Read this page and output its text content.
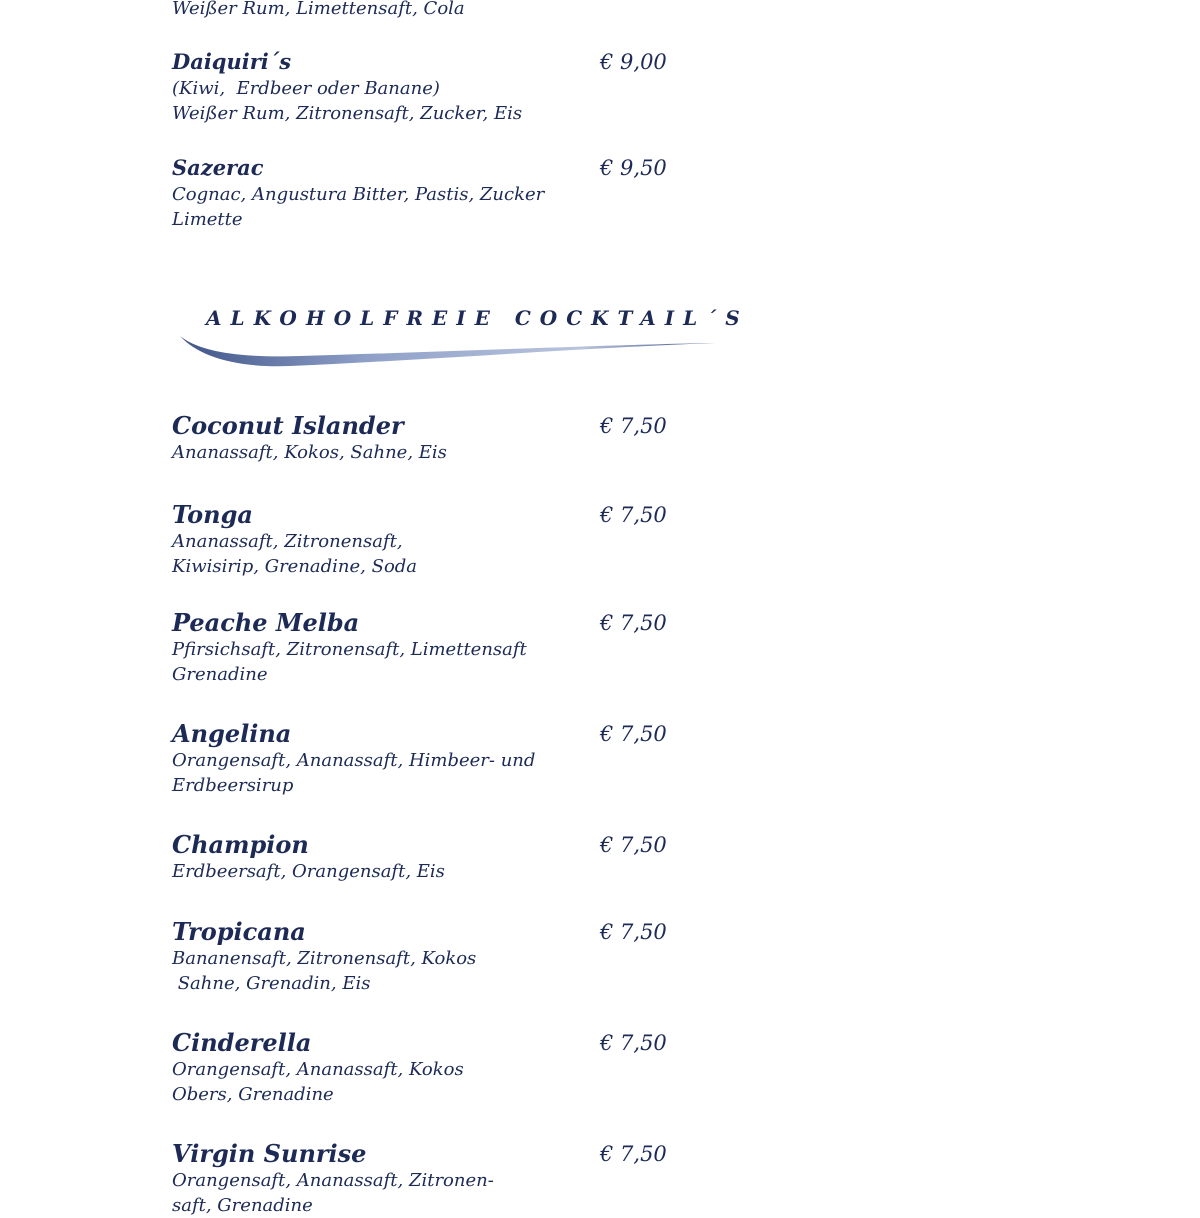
Weißer Rum, Limettensaft, Cola
Daiquiri´s	€ 9,00
(Kiwi,  Erdbeer oder Banane)
Weißer Rum, Zitronensaft, Zucker, Eis
Sazerac	€ 9,50
Cognac, Angustura Bitter, Pastis, Zucker
Limette
ALKOHOLFREIE COCKTAIL´S
Coconut Islander	€ 7,50
Ananassaft, Kokos, Sahne, Eis
Tonga	€ 7,50
Ananassaft, Zitronensaft,
Kiwisirip, Grenadine, Soda
Peache Melba	€ 7,50
Pfirsichsaft, Zitronensaft, Limettensaft
Grenadine
Angelina	€ 7,50
Orangensaft, Ananassaft, Himbeer- und
Erdbeersirup
Champion	€ 7,50
Erdbeersaft, Orangensaft, Eis
Tropicana	€ 7,50
Bananensaft, Zitronensaft, Kokos
Sahne, Grenadin, Eis
Cinderella	€ 7,50
Orangensaft, Ananassaft, Kokos
Obers, Grenadine
Virgin Sunrise	€ 7,50
Orangensaft, Ananassaft, Zitronen-
saft, Grenadine
